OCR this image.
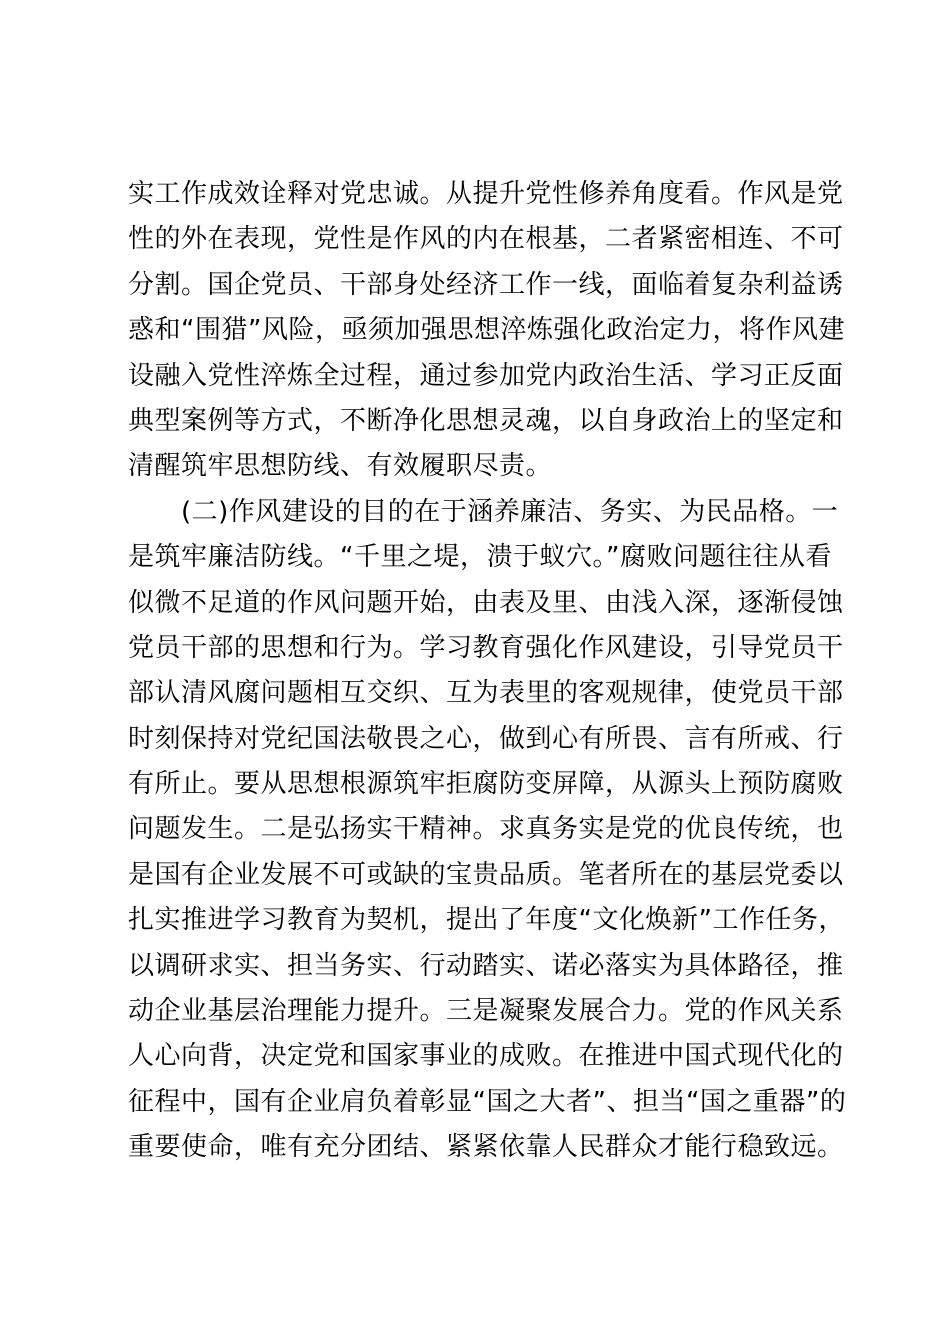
实工作成效诠释对党忠诚。从提升党性修养角度看。作风是党
性的外在表现，党性是作风的内在根基，二者紧密相连、不可
分割。国企党员、干部身处经济工作一线，面临着复杂利益诱
惑和“围猎”风险，亟须加强思想淬炼强化政治定力，将作风建
设融入党性淬炼全过程，通过参加党内政治生活、学习正反面
典型案例等方式，不断净化思想灵魂，以自身政治上的坚定和
清醒筑牢思想防线、有效履职尽责。
　　(二)作风建设的目的在于涵养廉洁、务实、为民品格。一
是筑牢廉洁防线。“千里之堤，溃于蚁穴。”腐败问题往往从看
似微不足道的作风问题开始，由表及里、由浅入深，逐渐侵蚀
党员干部的思想和行为。学习教育强化作风建设，引导党员干
部认清风腐问题相互交织、互为表里的客观规律，使党员干部
时刻保持对党纪国法敬畏之心，做到心有所畏、言有所戒、行
有所止。要从思想根源筑牢拒腐防变屏障，从源头上预防腐败
问题发生。二是弘扬实干精神。求真务实是党的优良传统，也
是国有企业发展不可或缺的宝贵品质。笔者所在的基层党委以
扎实推进学习教育为契机，提出了年度“文化焕新”工作任务，
以调研求实、担当务实、行动踏实、诺必落实为具体路径，推
动企业基层治理能力提升。三是凝聚发展合力。党的作风关系
人心向背，决定党和国家事业的成败。在推进中国式现代化的
征程中，国有企业肩负着彰显“国之大者”、担当“国之重器”的
重要使命，唯有充分团结、紧紧依靠人民群众才能行稳致远。
